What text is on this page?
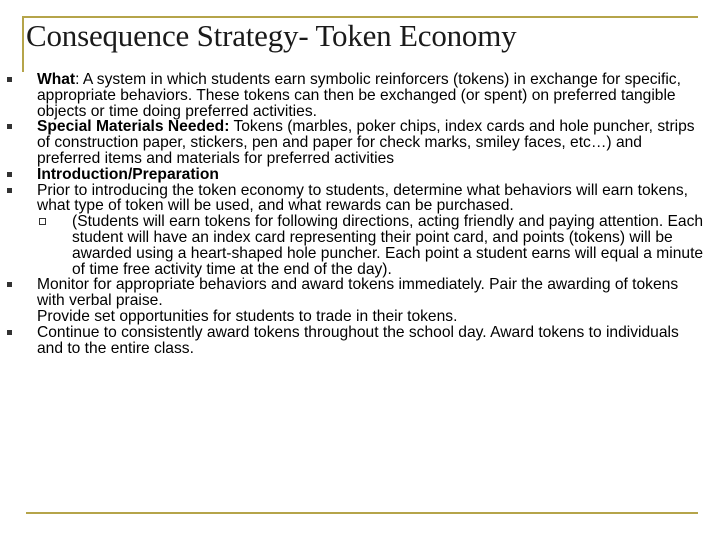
Consequence Strategy- Token Economy
What: A system in which students earn symbolic reinforcers (tokens) in exchange for specific, appropriate behaviors. These tokens can then be exchanged (or spent) on preferred tangible objects or time doing preferred activities.
Special Materials Needed: Tokens (marbles, poker chips, index cards and hole puncher, strips of construction paper, stickers, pen and paper for check marks, smiley faces, etc…) and preferred items and materials for preferred activities
Introduction/Preparation
Prior to introducing the token economy to students, determine what behaviors will earn tokens, what type of token will be used, and what rewards can be purchased.
(Students will earn tokens for following directions, acting friendly and paying attention. Each student will have an index card representing their point card, and points (tokens) will be awarded using a heart-shaped hole puncher. Each point a student earns will equal a minute of time free activity time at the end of the day).
Monitor for appropriate behaviors and award tokens immediately. Pair the awarding of tokens with verbal praise.
Provide set opportunities for students to trade in their tokens.
Continue to consistently award tokens throughout the school day. Award tokens to individuals and to the entire class.
